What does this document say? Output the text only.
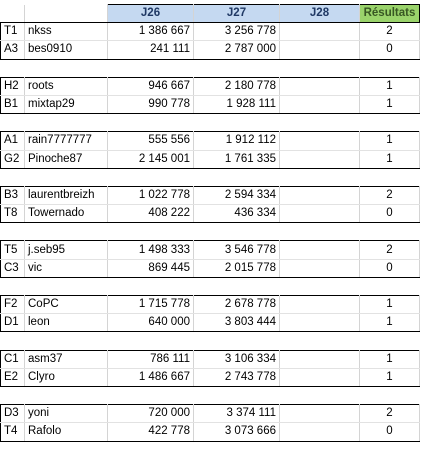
		J26	J27	J28	Résultats
T1	nkss	1 386 667	3 256 778		2
A3	bes0910	241 111	2 787 000		0

H2	roots	946 667	2 180 778		1
B1	mixtap29	990 778	1 928 111		1

A1	rain7777777	555 556	1 912 112		1
G2	Pinoche87	2 145 001	1 761 335		1

B3	laurentbreizh	1 022 778	2 594 334		2
T8	Towernado	408 222	436 334		0

T5	j.seb95	1 498 333	3 546 778		2
C3	vic	869 445	2 015 778		0

F2	CoPC	1 715 778	2 678 778		1
D1	leon	640 000	3 803 444		1

C1	asm37	786 111	3 106 334		1
E2	Clyro	1 486 667	2 743 778		1

D3	yoni	720 000	3 374 111		2
T4	Rafolo	422 778	3 073 666		0
